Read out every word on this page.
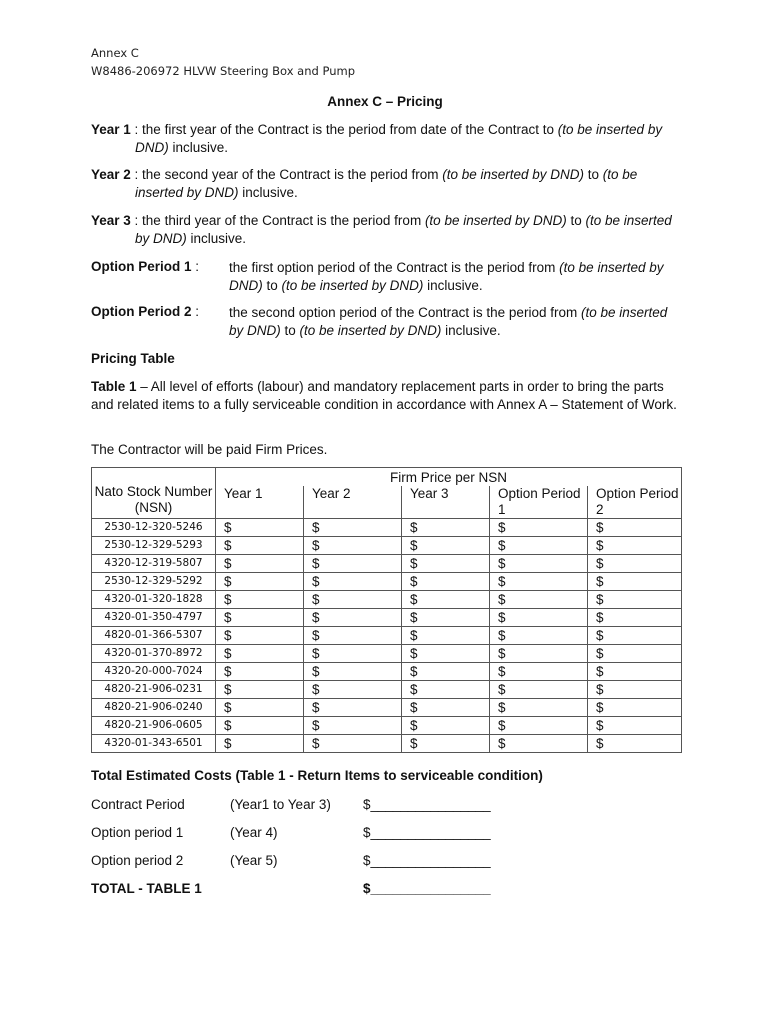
Annex C
W8486-206972 HLVW Steering Box and Pump
Annex C – Pricing
Year 1 : the first year of the Contract is the period from date of the Contract to (to be inserted by DND) inclusive.
Year 2 : the second year of the Contract is the period from (to be inserted by DND) to (to be inserted by DND) inclusive.
Year 3 : the third year of the Contract is the period from (to be inserted by DND) to (to be inserted by DND) inclusive.
Option Period 1 : the first option period of the Contract is the period from (to be inserted by DND) to (to be inserted by DND) inclusive.
Option Period 2 : the second option period of the Contract is the period from (to be inserted by DND) to (to be inserted by DND) inclusive.
Pricing Table
Table 1 – All level of efforts (labour) and mandatory replacement parts in order to bring the parts and related items to a fully serviceable condition in accordance with Annex A – Statement of Work.
The Contractor will be paid Firm Prices.
Nato Stock Number (NSN)	Firm Price per NSN				
	Year 1	Year 2	Year 3	Option Period 1	Option Period 2
2530-12-320-5246	$	$	$	$	$
2530-12-329-5293	$	$	$	$	$
4320-12-319-5807	$	$	$	$	$
2530-12-329-5292	$	$	$	$	$
4320-01-320-1828	$	$	$	$	$
4320-01-350-4797	$	$	$	$	$
4820-01-366-5307	$	$	$	$	$
4320-01-370-8972	$	$	$	$	$
4320-20-000-7024	$	$	$	$	$
4820-21-906-0231	$	$	$	$	$
4820-21-906-0240	$	$	$	$	$
4820-21-906-0605	$	$	$	$	$
4320-01-343-6501	$	$	$	$	$
Total Estimated Costs (Table 1 - Return Items to serviceable condition)
Contract Period	(Year1 to Year 3) $________________
Option period 1	(Year 4)	$________________
Option period 2	(Year 5)	$________________
TOTAL - TABLE 1	$________________
